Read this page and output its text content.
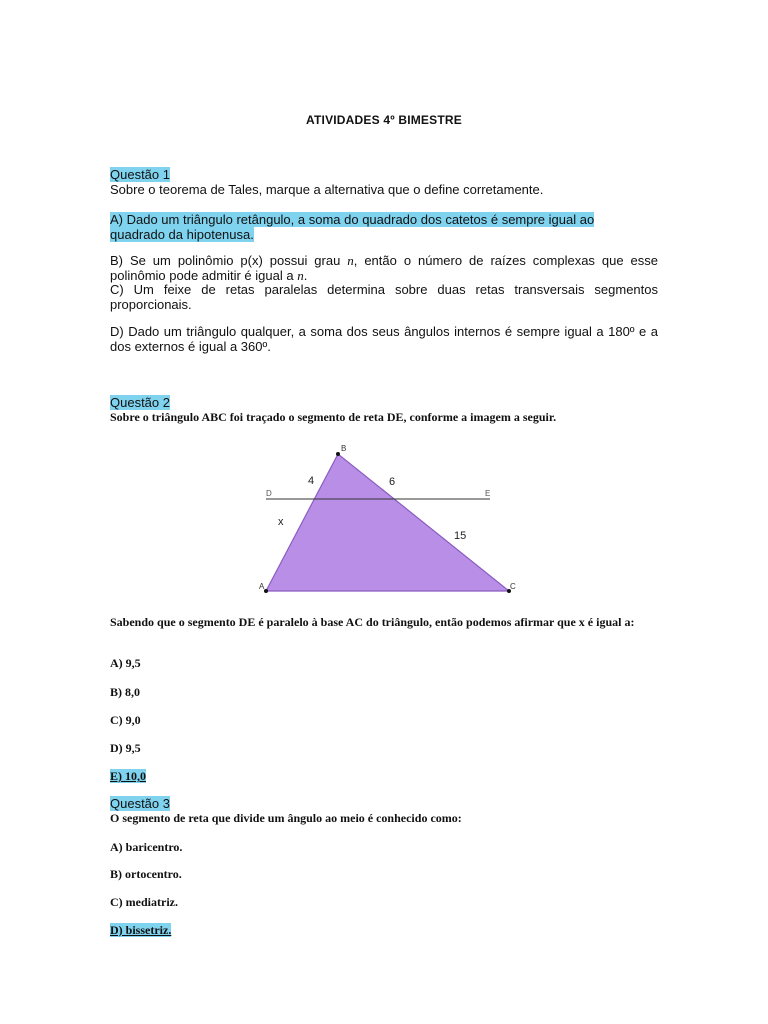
ATIVIDADES 4º BIMESTRE
Questão 1
Sobre o teorema de Tales, marque a alternativa que o define corretamente.
A) Dado um triângulo retângulo, a soma do quadrado dos catetos é sempre igual ao
quadrado da hipotenusa.
B) Se um polinômio p(x) possui grau n, então o número de raízes complexas que esse polinômio pode admitir é igual a n.
C) Um feixe de retas paralelas determina sobre duas retas transversais segmentos proporcionais.
D) Dado um triângulo qualquer, a soma dos seus ângulos internos é sempre igual a 180º e a dos externos é igual a 360º.
Questão 2
Sobre o triângulo ABC foi traçado o segmento de reta DE, conforme a imagem a seguir.
B
D	E
A	C
4	6
x
15
Sabendo que o segmento DE é paralelo à base AC do triângulo, então podemos afirmar que x é igual a:
A) 9,5
B) 8,0
C) 9,0
D) 9,5
E) 10,0
Questão 3
O segmento de reta que divide um ângulo ao meio é conhecido como:
A) baricentro.
B) ortocentro.
C) mediatriz.
D) bissetriz.
